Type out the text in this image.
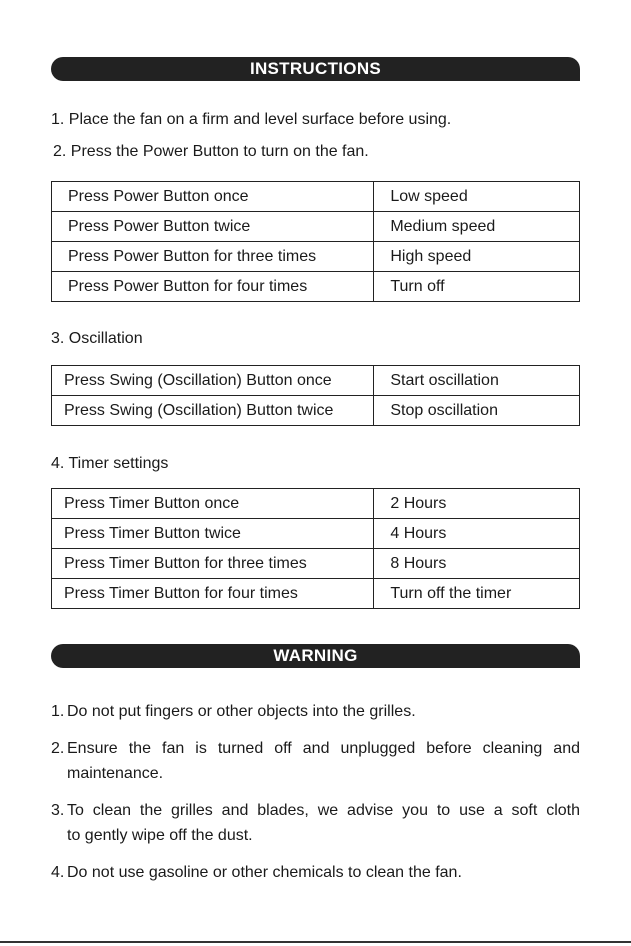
INSTRUCTIONS
1. Place the fan on a firm and level surface before using.
2. Press the Power Button to turn on the fan.
Press Power Button once	Low speed
Press Power Button twice	Medium speed
Press Power Button for three times	High speed
Press Power Button for four times	Turn off
3. Oscillation
Press Swing (Oscillation) Button once	Start oscillation
Press Swing (Oscillation) Button twice	Stop oscillation
4. Timer settings
Press Timer Button once	2 Hours
Press Timer Button twice	4 Hours
Press Timer Button for three times	8 Hours
Press Timer Button for four times	Turn off the timer
WARNING
1. Do not put fingers or other objects into the grilles.
2. Ensure the fan is turned off and unplugged before cleaning and
maintenance.
3. To clean the grilles and blades, we advise you to use a soft cloth
to gently wipe off the dust.
4. Do not use gasoline or other chemicals to clean the fan.
